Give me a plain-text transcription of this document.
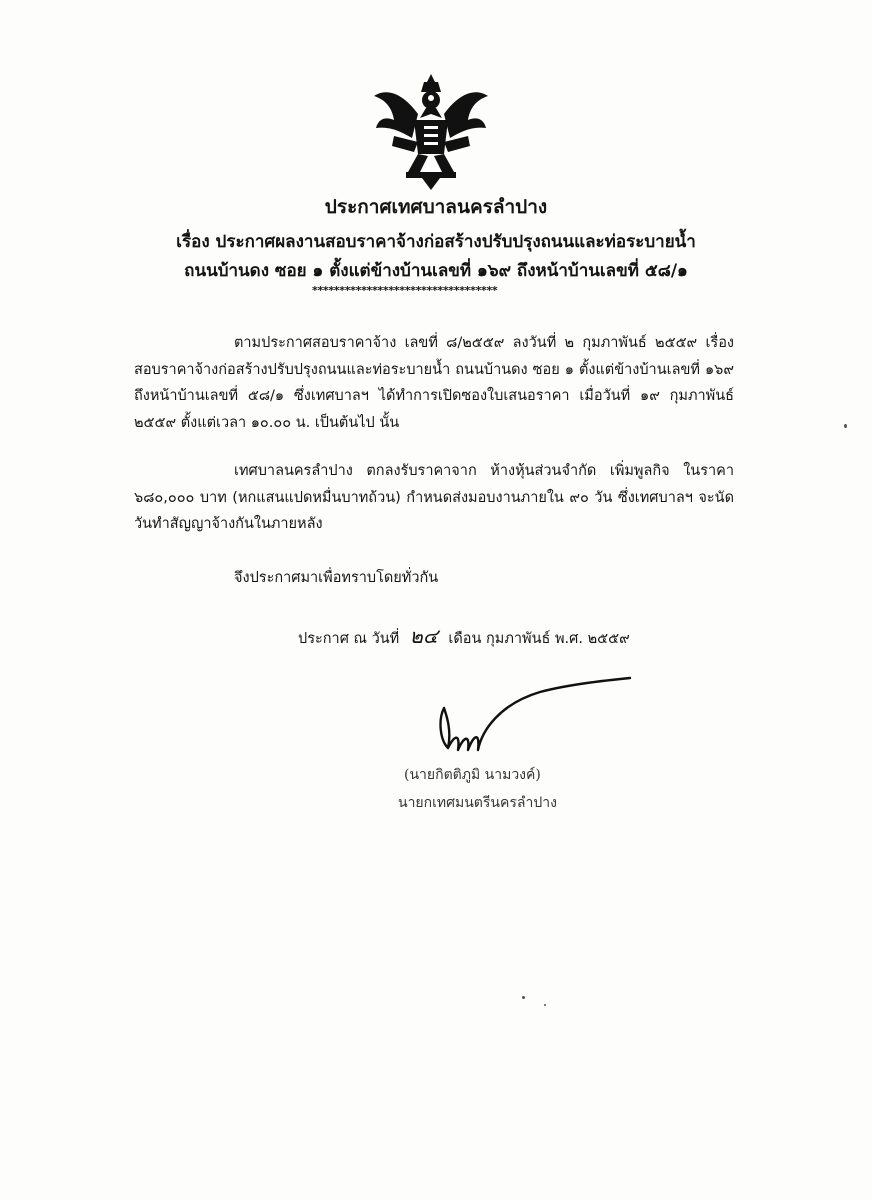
ประกาศเทศบาลนครลำปาง
เรื่อง ประกาศผลงานสอบราคาจ้างก่อสร้างปรับปรุงถนนและท่อระบายน้ำ
ถนนบ้านดง ซอย ๑ ตั้งแต่ข้างบ้านเลขที่ ๑๖๙ ถึงหน้าบ้านเลขที่ ๕๘/๑
**********************************
ตามประกาศสอบราคาจ้าง เลขที่ ๘/๒๕๕๙ ลงวันที่ ๒ กุมภาพันธ์ ๒๕๕๙ เรื่อง สอบราคาจ้างก่อสร้างปรับปรุงถนนและท่อระบายน้ำ ถนนบ้านดง ซอย ๑ ตั้งแต่ข้างบ้านเลขที่ ๑๖๙ ถึงหน้าบ้านเลขที่ ๕๘/๑ ซึ่งเทศบาลฯ ได้ทำการเปิดซองใบเสนอราคา เมื่อวันที่ ๑๙ กุมภาพันธ์ ๒๕๕๙ ตั้งแต่เวลา ๑๐.๐๐ น. เป็นต้นไป นั้น
เทศบาลนครลำปาง ตกลงรับราคาจาก ห้างหุ้นส่วนจำกัด เพิ่มพูลกิจ ในราคา ๖๘๐,๐๐๐ บาท (หกแสนแปดหมื่นบาทถ้วน) กำหนดส่งมอบงานภายใน ๙๐ วัน ซึ่งเทศบาลฯ จะนัดวันทำสัญญาจ้างกันในภายหลัง
จึงประกาศมาเพื่อทราบโดยทั่วกัน
ประกาศ ณ วันที่ ๒๔ เดือน กุมภาพันธ์ พ.ศ. ๒๕๕๙
(นายกิตติภูมิ นามวงค์)
นายกเทศมนตรีนครลำปาง
